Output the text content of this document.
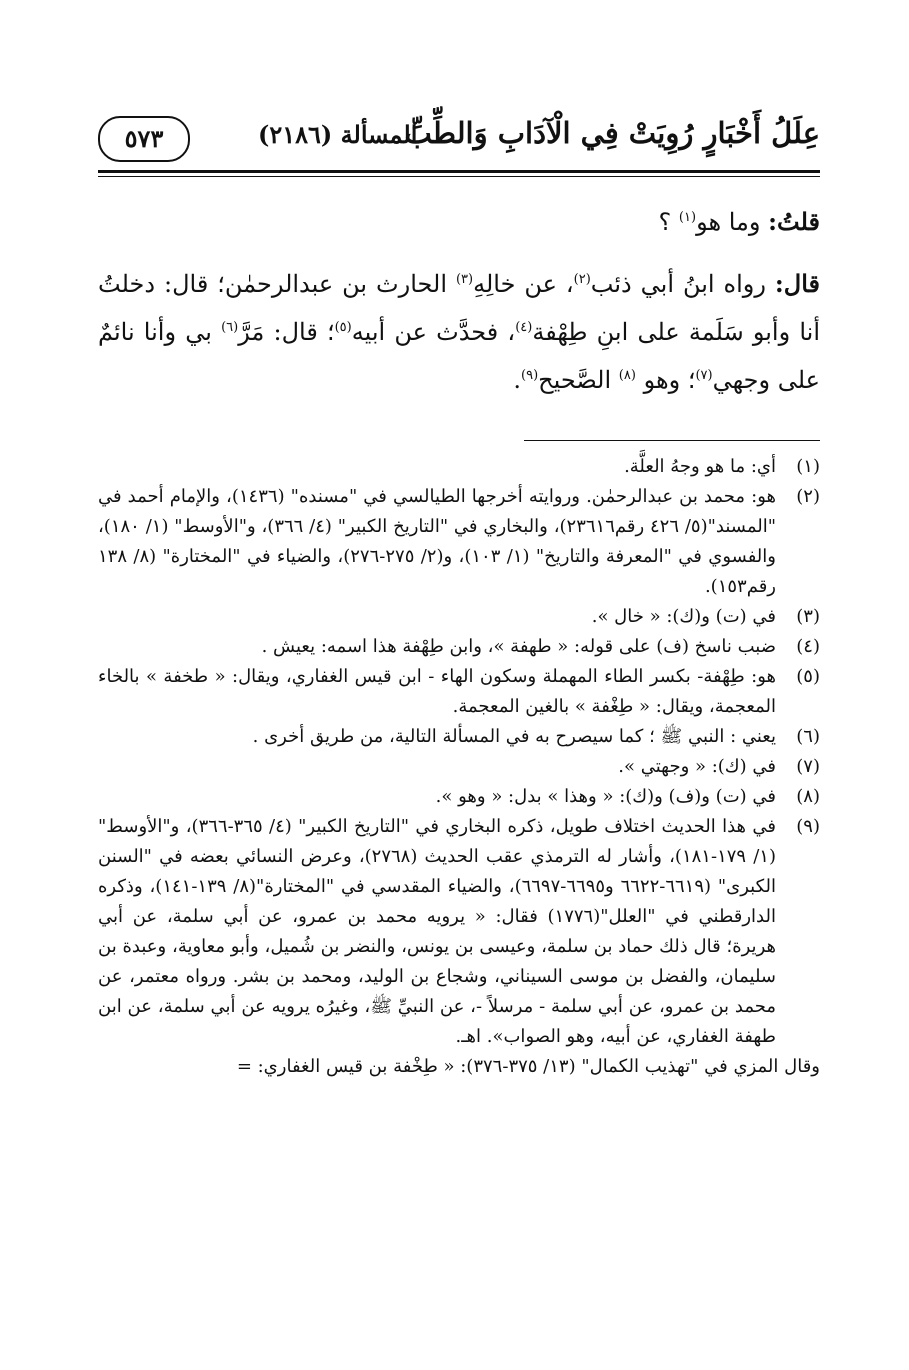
عِلَلُ أَخْبَارٍ رُوِيَتْ فِي الْآدَابِ وَالطِّبِّ
المسألة (٢١٨٦)
٥٧٣

قلتُ: وما هو$^{(١)}$ ؟

قال: رواه ابنُ أبي ذئب$^{(٢)}$، عن خالِهِ$^{(٣)}$ الحارث بن عبدالرحمٰن؛ قال: دخلتُ أنا وأبو سَلَمة على ابنِ طِهْفة$^{(٤)}$، فحدَّث عن أبيه$^{(٥)}$؛ قال: مَرَّ$^{(٦)}$ بي وأنا نائمٌ على وجهي$^{(٧)}$؛ وهو $^{(٨)}$ الصَّحيح$^{(٩)}$.

(١)
أي: ما هو وجهُ العلَّة.

(٢)
هو: محمد بن عبدالرحمٰن. وروايته أخرجها الطيالسي في "مسنده" (١٤٣٦)، والإمام أحمد في "المسند"(٥/ ٤٢٦ رقم٢٣٦١٦)، والبخاري في "التاريخ الكبير" (٤/ ٣٦٦)، و"الأوسط" (١/ ١٨٠)، والفسوي في "المعرفة والتاريخ" (١/ ١٠٣)، و(٢/ ٢٧٥-٢٧٦)، والضياء في "المختارة" (٨/ ١٣٨ رقم١٥٣).

(٣)
في (ت) و(ك): « خال ».

(٤)
ضبب ناسخ (ف) على قوله: « طهفة »، وابن طِهْفة هذا اسمه: يعيش .

(٥)
هو: طِهْفة- بكسر الطاء المهملة وسكون الهاء - ابن قيس الغفاري، ويقال: « طخفة » بالخاء المعجمة، ويقال: « طِغْفة » بالغين المعجمة.

(٦)
يعني : النبي ﷺ ؛ كما سيصرح به في المسألة التالية، من طريق أخرى .

(٧)
في (ك): « وجهتي ».

(٨)
في (ت) و(ف) و(ك): « وهذا » بدل: « وهو ».

(٩)
في هذا الحديث اختلاف طويل، ذكره البخاري في "التاريخ الكبير" (٤/ ٣٦٥-٣٦٦)، و"الأوسط"(١/ ١٧٩-١٨١)، وأشار له الترمذي عقب الحديث (٢٧٦٨)، وعرض النسائي بعضه في "السنن الكبرى" (٦٦١٩-٦٦٢٢ و٦٦٩٥-٦٦٩٧)، والضياء المقدسي في "المختارة"(٨/ ١٣٩-١٤١)، وذكره الدارقطني في "العلل"(١٧٧٦) فقال: « يرويه محمد بن عمرو، عن أبي سلمة، عن أبي هريرة؛ قال ذلك حماد بن سلمة، وعيسى بن يونس، والنضر بن شُميل، وأبو معاوية، وعبدة بن سليمان، والفضل بن موسى السيناني، وشجاع بن الوليد، ومحمد بن بشر. ورواه معتمر، عن محمد بن عمرو، عن أبي سلمة - مرسلاً -، عن النبيِّ ﷺ، وغيرُه يرويه عن أبي سلمة، عن ابن طهفة الغفاري، عن أبيه، وهو الصواب». اهـ.

وقال المزي في "تهذيب الكمال" (١٣/ ٣٧٥-٣٧٦): « طِخْفة بن قيس الغفاري: =
